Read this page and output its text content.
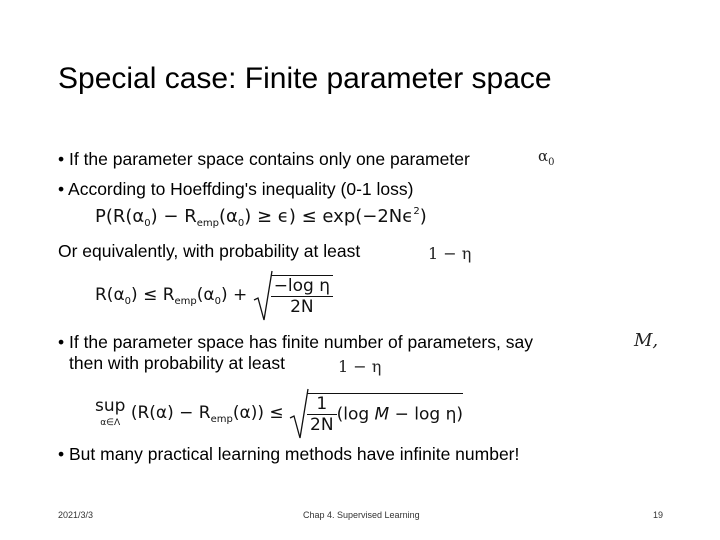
Special case: Finite parameter space
• If the parameter space contains only one parameter	$\alpha_0$
• According to Hoeffding's inequality (0-1 loss)
$P(R(\alpha_0) - R_{emp}(\alpha_0) \ge \epsilon) \le \exp(-2N\epsilon^2)$
Or equivalently, with probability at least	1 − η
$R(\alpha_0) \le R_{emp}(\alpha_0) + \frac{\text{−log η}}{2N}$
• If the parameter space has finite number of parameters, say	M,
then with probability at least	1 − η
sup
α∈Λ $(R(\alpha) - R_{emp}(\alpha)) \le \frac{1}{2N} (\log$ M − log η)
• But many practical learning methods have infinite number!
2021/3/3	Chap 4. Supervised Learning	19
